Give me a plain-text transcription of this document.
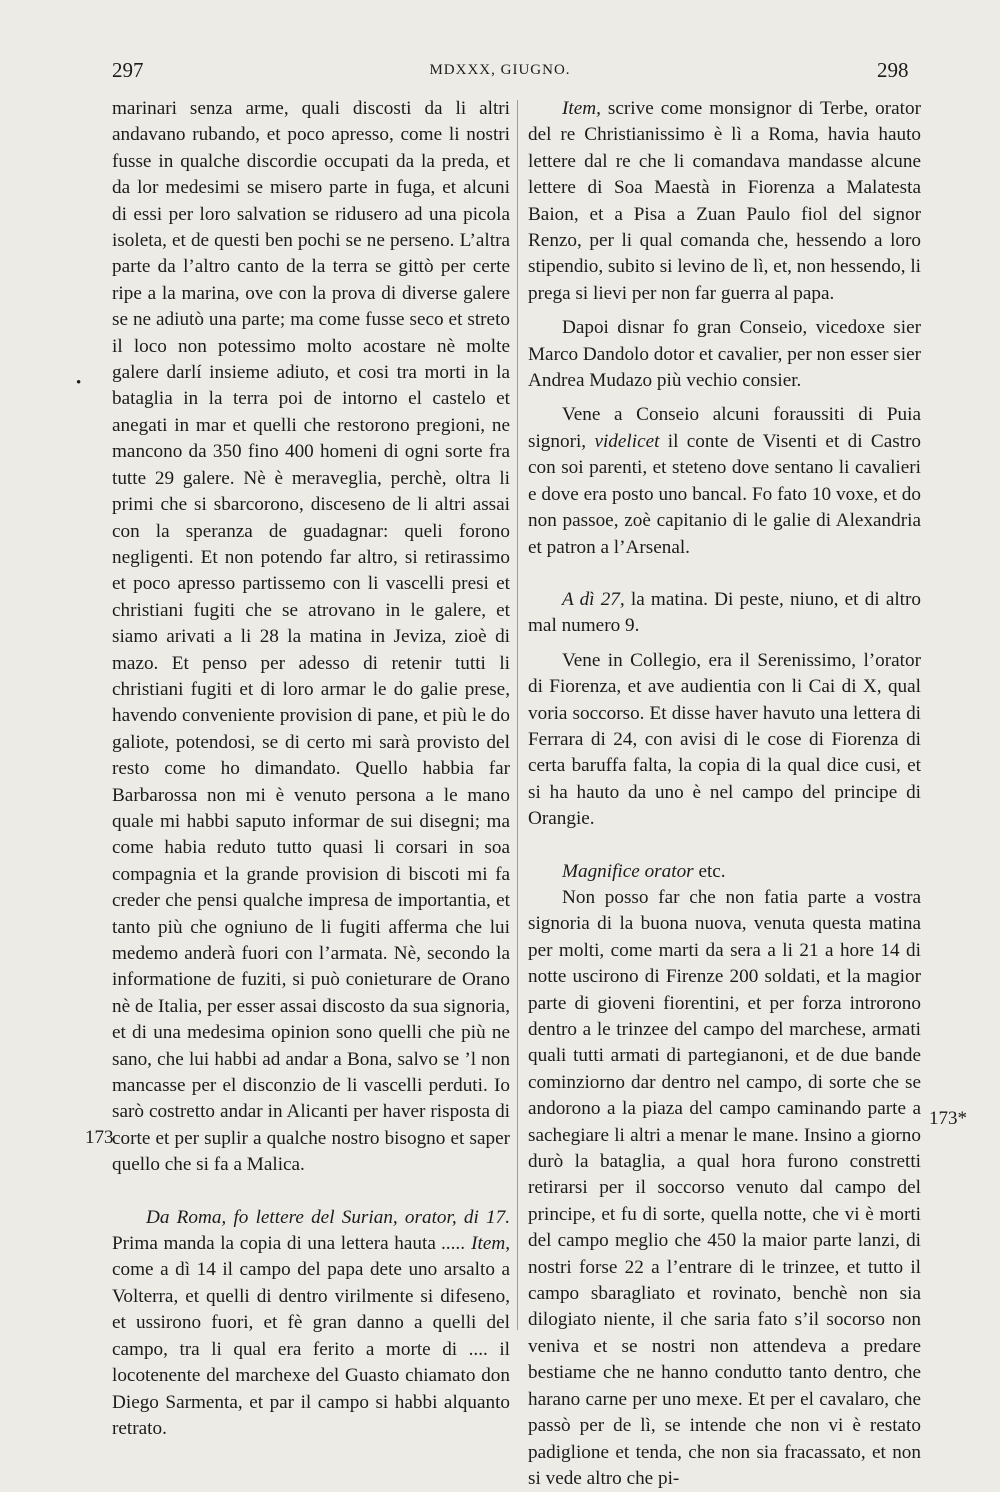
297	MDXXX, GIUGNO.	298
•

marinari senza arme, quali discosti da li altri andavano rubando, et poco apresso, come li nostri fusse in qualche discordie occupati da la preda, et da lor medesimi se misero parte in fuga, et alcuni di essi per loro salvation se ridusero ad una picola isoleta, et de questi ben pochi se ne perseno. L’altra parte da l’altro canto de la terra se gittò per certe ripe a la marina, ove con la prova di diverse galere se ne adiutò una parte; ma come fusse seco et streto il loco non potessimo molto acostare nè molte galere darlí insieme adiuto, et cosi tra morti in la bataglia in la terra poi de intorno el castelo et anegati in mar et quelli che restorono pregioni, ne mancono da 350 fino 400 homeni di ogni sorte fra tutte 29 galere. Nè è meraveglia, perchè, oltra li primi che si sbarcorono, disceseno de li altri assai con la speranza de guadagnar: queli forono negligenti. Et non potendo far altro, si retirassimo et poco apresso partissemo con li vascelli presi et christiani fugiti che se atrovano in le galere, et siamo arivati a li 28 la matina in Jeviza, zioè di mazo. Et penso per adesso di retenir tutti li christiani fugiti et di loro armar le do galie prese, havendo conveniente provision di pane, et più le do galiote, potendosi, se di certo mi sarà provisto del resto come ho dimandato. Quello habbia far Barbarossa non mi è venuto persona a le mano quale mi habbi saputo informar de sui disegni; ma come habia reduto tutto quasi li corsari in soa compagnia et la grande provision di biscoti mi fa creder che pensi qualche impresa de importantia, et tanto più che ogniuno de li fugiti afferma che lui medemo anderà fuori con l’armata. Nè, secondo la informatione de fuziti, si può conieturare de Orano nè de Italia, per esser assai discosto da sua signoria, et di una medesima opinion sono quelli che più ne sano, che lui habbi ad andar a Bona, salvo se ’l non mancasse per el disconzio de li vascelli perduti. Io sarò costretto andar in Alicanti per haver risposta di corte et per suplir a qualche nostro bisogno et saper quello che si fa a Malica.

Da Roma, fo lettere del Surian, orator, di 17. Prima manda la copia di una lettera hauta ..... Item, come a dì 14 il campo del papa dete uno arsalto a Volterra, et quelli di dentro virilmente si difeseno, et ussirono fuori, et fè gran danno a quelli del campo, tra li qual era ferito a morte di .... il locotenente del marchexe del Guasto chiamato don Diego Sarmenta, et par il campo si habbi alquanto retrato.

173

Item, scrive come monsignor di Terbe, orator del re Christianissimo è lì a Roma, havia hauto lettere dal re che li comandava mandasse alcune lettere di Soa Maestà in Fiorenza a Malatesta Baion, et a Pisa a Zuan Paulo fiol del signor Renzo, per li qual comanda che, hessendo a loro stipendio, subito si levino de lì, et, non hessendo, li prega si lievi per non far guerra al papa.

Dapoi disnar fo gran Conseio, vicedoxe sier Marco Dandolo dotor et cavalier, per non esser sier Andrea Mudazo più vechio consier.

Vene a Conseio alcuni foraussiti di Puia signori, videlicet il conte de Visenti et di Castro con soi parenti, et steteno dove sentano li cavalieri e dove era posto uno bancal. Fo fato 10 voxe, et do non passoe, zoè capitanio di le galie di Alexandria et patron a l’Arsenal.

A dì 27, la matina. Di peste, niuno, et di altro mal numero 9.

Vene in Collegio, era il Serenissimo, l’orator di Fiorenza, et ave audientia con li Cai di X, qual voria soccorso. Et disse haver havuto una lettera di Ferrara di 24, con avisi di le cose di Fiorenza di certa baruffa falta, la copia di la qual dice cusi, et si ha hauto da uno è nel campo del principe di Orangie.

Magnifice orator etc.

Non posso far che non fatia parte a vostra signoria di la buona nuova, venuta questa matina per molti, come marti da sera a li 21 a hore 14 di notte uscirono di Firenze 200 soldati, et la magior parte di gioveni fiorentini, et per forza introrono dentro a le trinzee del campo del marchese, armati quali tutti armati di partegianoni, et de due bande cominziorno dar dentro nel campo, di sorte che se andorono a la piaza del campo caminando parte a sachegiare li altri a menar le mane. Insino a giorno durò la bataglia, a qual hora furono constretti retirarsi per il soccorso venuto dal campo del principe, et fu di sorte, quella notte, che vi è morti del campo meglio che 450 la maior parte lanzi, di nostri forse 22 a l’entrare di le trinzee, et tutto il campo sbaragliato et rovinato, benchè non sia dilogiato niente, il che saria fato s’il socorso non veniva et se nostri non attendeva a predare bestiame che ne hanno condutto tanto dentro, che harano carne per uno mexe. Et per el cavalaro, che passò per de lì, se intende che non vi è restato padiglione et tenda, che non sia fracassato, et non si vede altro che pi-

173*
